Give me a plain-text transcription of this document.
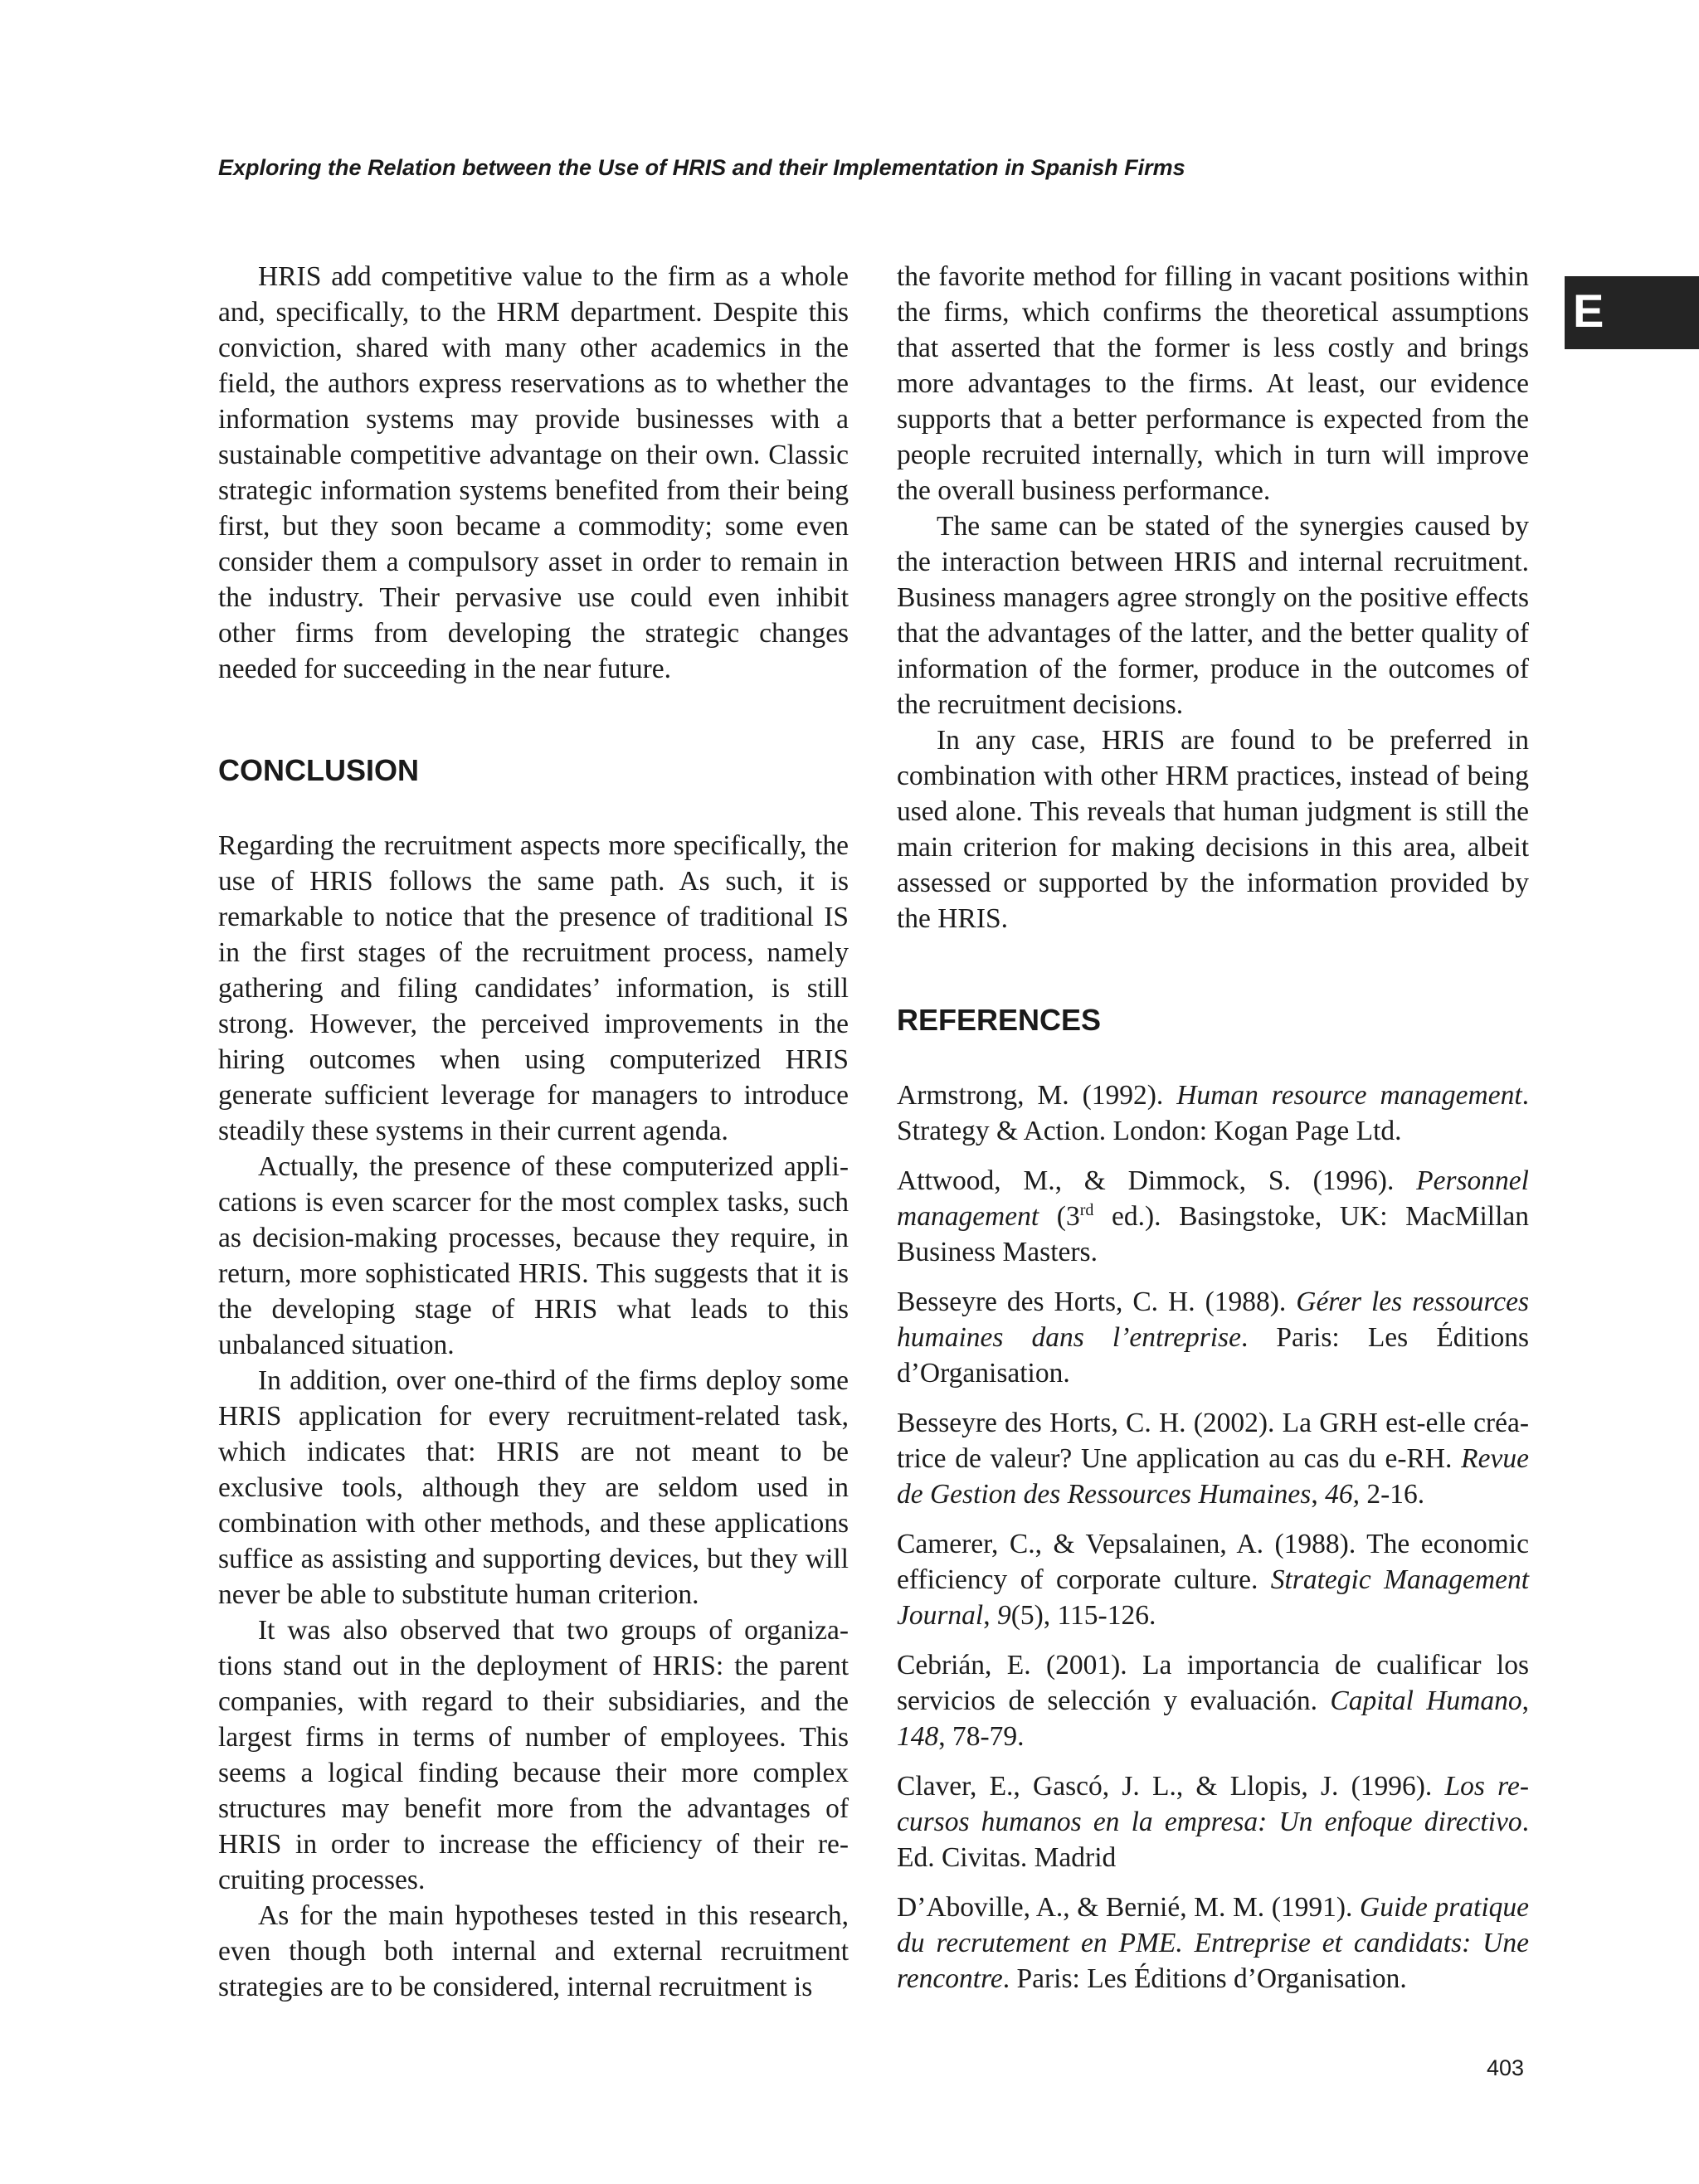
Exploring the Relation between the Use of HRIS and their Implementation in Spanish Firms
E

HRIS add competitive value to the firm as a whole and, specifically, to the HRM department. Despite this conviction, shared with many other academics in the field, the authors express reservations as to whether the information systems may provide businesses with a sustainable competitive advantage on their own. Classic strategic information systems benefited from their being first, but they soon became a commodity; some even consider them a compulsory asset in order to remain in the industry. Their pervasive use could even inhibit other firms from developing the strategic changes needed for succeeding in the near future.

CONCLUSION

Regarding the recruitment aspects more specifically, the use of HRIS follows the same path. As such, it is remarkable to notice that the presence of traditional IS in the first stages of the recruitment process, namely gathering and filing candidates’ information, is still strong. However, the perceived improvements in the hiring outcomes when using computerized HRIS generate sufficient leverage for managers to introduce steadily these systems in their current agenda.

Actually, the presence of these computerized applications is even scarcer for the most complex tasks, such as decision-making processes, because they require, in return, more sophisticated HRIS. This suggests that it is the developing stage of HRIS what leads to this unbalanced situation.

In addition, over one-third of the firms deploy some HRIS application for every recruitment-related task, which indicates that: HRIS are not meant to be exclusive tools, although they are seldom used in combination with other methods, and these applications suffice as assisting and supporting devices, but they will never be able to substitute human criterion.

It was also observed that two groups of organizations stand out in the deployment of HRIS: the parent companies, with regard to their subsidiaries, and the largest firms in terms of number of employees. This seems a logical finding because their more complex structures may benefit more from the advantages of HRIS in order to increase the efficiency of their recruiting processes.

As for the main hypotheses tested in this research, even though both internal and external recruitment strategies are to be considered, internal recruitment is

the favorite method for filling in vacant positions within the firms, which confirms the theoretical assumptions that asserted that the former is less costly and brings more advantages to the firms. At least, our evidence supports that a better performance is expected from the people recruited internally, which in turn will improve the overall business performance.

The same can be stated of the synergies caused by the interaction between HRIS and internal recruitment. Business managers agree strongly on the positive effects that the advantages of the latter, and the better quality of information of the former, produce in the outcomes of the recruitment decisions.

In any case, HRIS are found to be preferred in combination with other HRM practices, instead of being used alone. This reveals that human judgment is still the main criterion for making decisions in this area, albeit assessed or supported by the information provided by the HRIS.

REFERENCES

Armstrong, M. (1992). Human resource management. Strategy & Action. London: Kogan Page Ltd.

Attwood, M., & Dimmock, S. (1996). Personnel management (3rd ed.). Basingstoke, UK: MacMillan Business Masters.

Besseyre des Horts, C. H. (1988). Gérer les ressources humaines dans l’entreprise. Paris: Les Éditions d’Organisation.

Besseyre des Horts, C. H. (2002). La GRH est-elle créatrice de valeur? Une application au cas du e-RH. Revue de Gestion des Ressources Humaines, 46, 2-16.

Camerer, C., & Vepsalainen, A. (1988). The economic efficiency of corporate culture. Strategic Management Journal, 9(5), 115-126.

Cebrián, E. (2001). La importancia de cualificar los servicios de selección y evaluación. Capital Humano, 148, 78-79.

Claver, E., Gascó, J. L., & Llopis, J. (1996). Los recursos humanos en la empresa: Un enfoque directivo. Ed. Civitas. Madrid

D’Aboville, A., & Bernié, M. M. (1991). Guide pratique du recrutement en PME. Entreprise et candidats: Une rencontre. Paris: Les Éditions d’Organisation.

403
